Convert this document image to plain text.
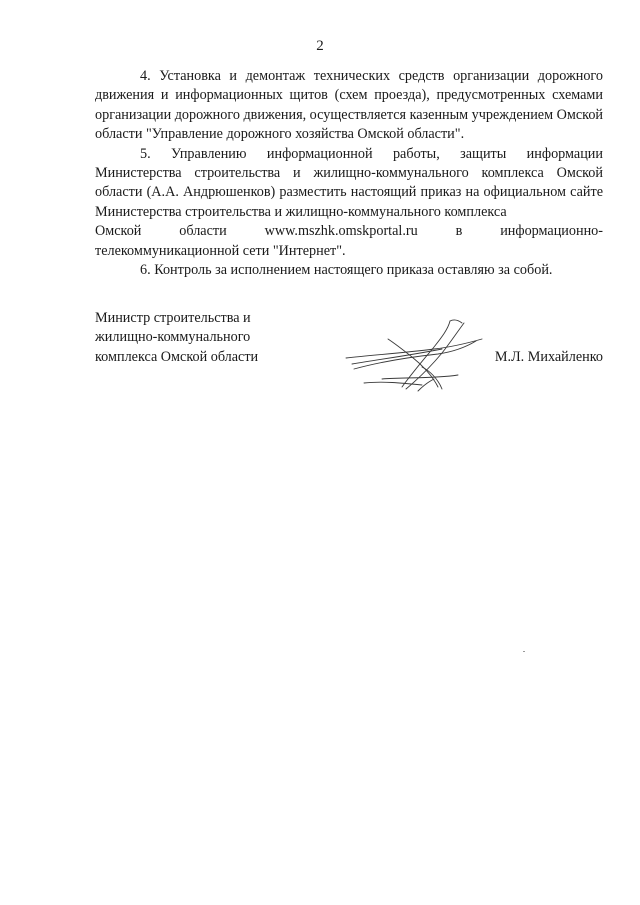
2

4. Установка и демонтаж технических средств организации дорожного движения и информационных щитов (схем проезда), предусмотренных схемами организации дорожного движения, осуществляется казенным учреждением Омской области "Управление дорожного хозяйства Омской области".

5. Управлению информационной работы, защиты информации Министерства строительства и жилищно-коммунального комплекса Омской области (А.А. Андрюшенков) разместить настоящий приказ на официальном сайте Министерства строительства и жилищно-коммунального комплекса

Омской	области	www.mszhk.omskportal.ru	в	информационно-
телекоммуникационной сети "Интернет".

6. Контроль за исполнением настоящего приказа оставляю за собой.

Министр строительства и
жилищно-коммунального
комплекса Омской области	М.Л. Михайленко
